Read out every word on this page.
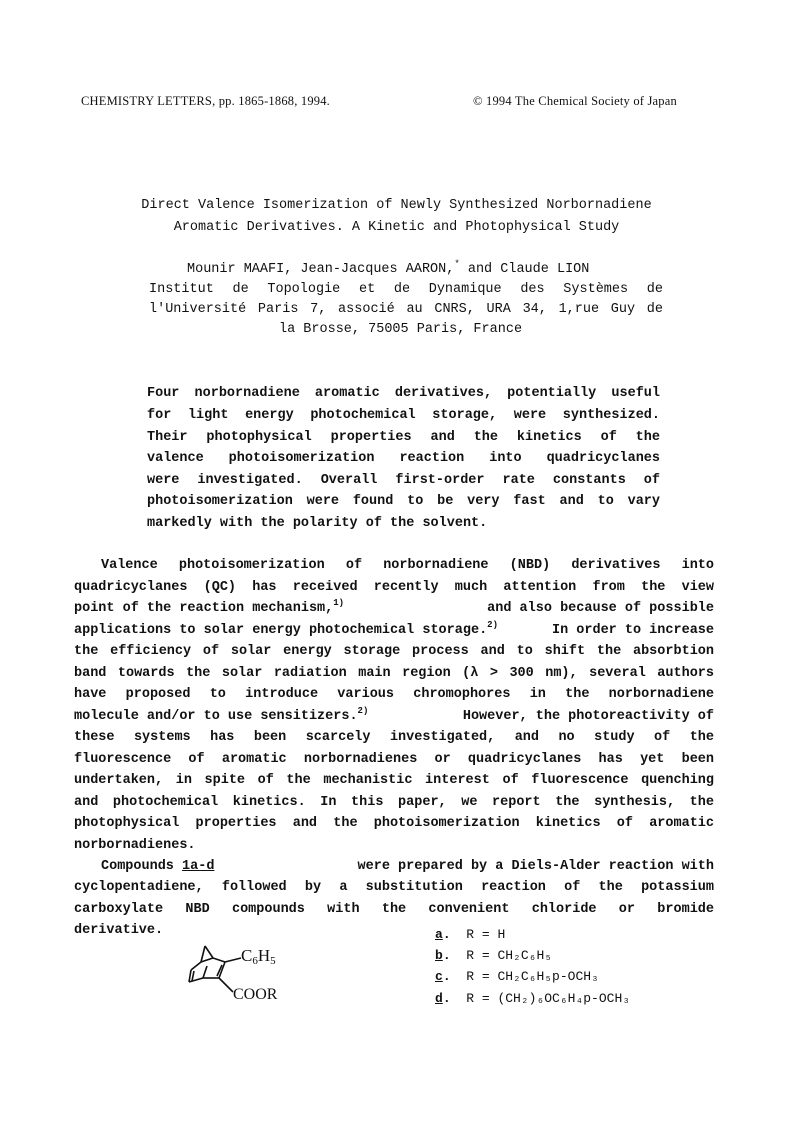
CHEMISTRY LETTERS, pp. 1865-1868, 1994.	© 1994 The Chemical Society of Japan
Direct Valence Isomerization of Newly Synthesized Norbornadiene
Aromatic Derivatives. A Kinetic and Photophysical Study
Mounir MAAFI, Jean-Jacques AARON,* and Claude LION
Institut de Topologie et de Dynamique des Systèmes de
l'Université Paris 7, associé au CNRS, URA 34, 1,rue Guy de
la Brosse, 75005 Paris, France
Four norbornadiene aromatic derivatives, potentially useful
for light energy photochemical storage, were synthesized.
Their photophysical properties and the kinetics of the
valence photoisomerization reaction into quadricyclanes
were investigated. Overall first-order rate constants of
photoisomerization were found to be very fast and to vary
markedly with the polarity of the solvent.
Valence photoisomerization of norbornadiene (NBD) derivatives into
quadricyclanes (QC) has received recently much attention from the view
point of the reaction mechanism,$^{1)}$	and also because of possible
applications to solar energy photochemical storage.$^{2)}$	In order to increase
the efficiency of solar energy storage process and to shift the absorbtion
band towards the solar radiation main region (λ > 300 nm), several authors
have proposed to introduce various chromophores in the norbornadiene
molecule and/or to use sensitizers.$^{2)}$	However, the photoreactivity of
these systems has been scarcely investigated, and no study of the
fluorescence of aromatic norbornadienes or quadricyclanes has yet been
undertaken, in spite of the mechanistic interest of fluorescence quenching
and photochemical kinetics. In this paper, we report the synthesis, the
photophysical properties and the photoisomerization kinetics of aromatic
norbornadienes.
Compounds 1a-d	were prepared by a Diels-Alder reaction with
cyclopentadiene, followed by a substitution reaction of the potassium
carboxylate NBD compounds with the convenient chloride or bromide
derivative.
$C_6H_5$
COOR
a. R = H
b. R = CH₂C₆H₅
c. R = CH₂C₆H₅p-OCH₃
d. R = (CH₂)₆OC₆H₄p-OCH₃
